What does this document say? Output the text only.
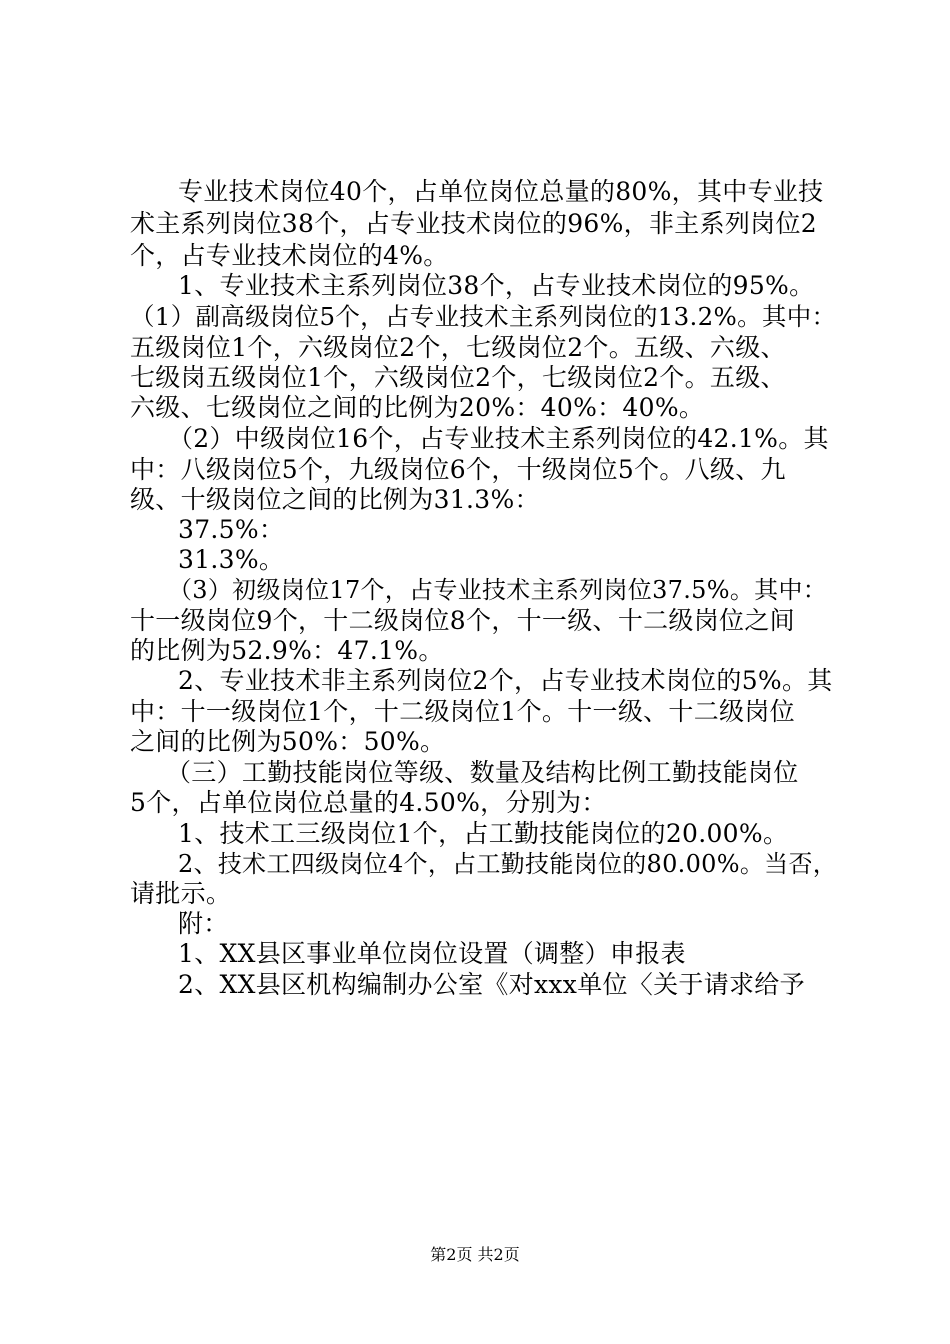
专业技术岗位40个，占单位岗位总量的80%，其中专业技

术主系列岗位38个，占专业技术岗位的96%，非主系列岗位2

个，占专业技术岗位的4%。

1、专业技术主系列岗位38个，占专业技术岗位的95%。

（1）副高级岗位5个，占专业技术主系列岗位的13.2%。其中：

五级岗位1个，六级岗位2个，七级岗位2个。五级、六级、

七级岗五级岗位1个，六级岗位2个，七级岗位2个。五级、

六级、七级岗位之间的比例为20%：40%：40%。

（2）中级岗位16个，占专业技术主系列岗位的42.1%。其

中：八级岗位5个，九级岗位6个，十级岗位5个。八级、九

级、十级岗位之间的比例为31.3%：

37.5%：

31.3%。

（3）初级岗位17个，占专业技术主系列岗位37.5%。其中：

十一级岗位9个，十二级岗位8个，十一级、十二级岗位之间

的比例为52.9%：47.1%。

2、专业技术非主系列岗位2个，占专业技术岗位的5%。其

中：十一级岗位1个，十二级岗位1个。十一级、十二级岗位

之间的比例为50%：50%。

（三）工勤技能岗位等级、数量及结构比例工勤技能岗位

5个，占单位岗位总量的4.50%，分别为：

1、技术工三级岗位1个，占工勤技能岗位的20.00%。

2、技术工四级岗位4个，占工勤技能岗位的80.00%。当否，

请批示。

附：

1、XX县区事业单位岗位设置（调整）申报表

2、XX县区机构编制办公室《对xxx单位〈关于请求给予

第2页 共2页
